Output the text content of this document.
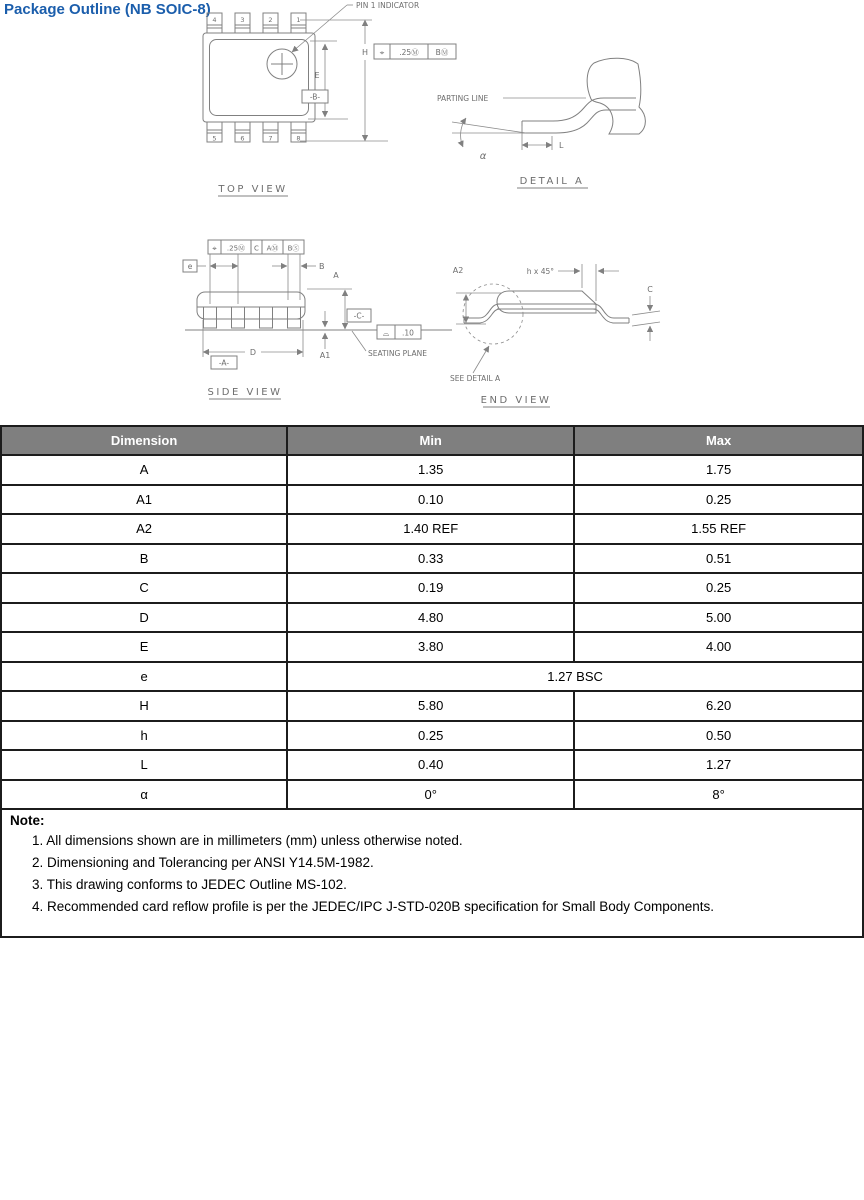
Package Outline (NB SOIC-8)
4	3	2	1
5	6	7	8
PIN 1 INDICATOR
E
-B-
H ⌖ .25Ⓜ BⓂ
TOP VIEW
PARTING LINE
α
L
DETAIL A
⌖ .25Ⓜ C AⓂ BⓈ
e	B
A
A1
-C-
⌓ .10
SEATING PLANE
D
-A-
SIDE VIEW
A2	h x 45°
C
SEE DETAIL A
END VIEW
Dimension	Min	Max
A	1.35	1.75
A1	0.10	0.25
A2	1.40 REF	1.55 REF
B	0.33	0.51
C	0.19	0.25
D	4.80	5.00
E	3.80	4.00
e	1.27 BSC	
H	5.80	6.20
h	0.25	0.50
L	0.40	1.27
α	0°	8°

Note:

1. All dimensions shown are in millimeters (mm) unless otherwise noted.
2. Dimensioning and Tolerancing per ANSI Y14.5M-1982.
3. This drawing conforms to JEDEC Outline MS-102.
4. Recommended card reflow profile is per the JEDEC/IPC J-STD-020B specification for Small Body Components.
